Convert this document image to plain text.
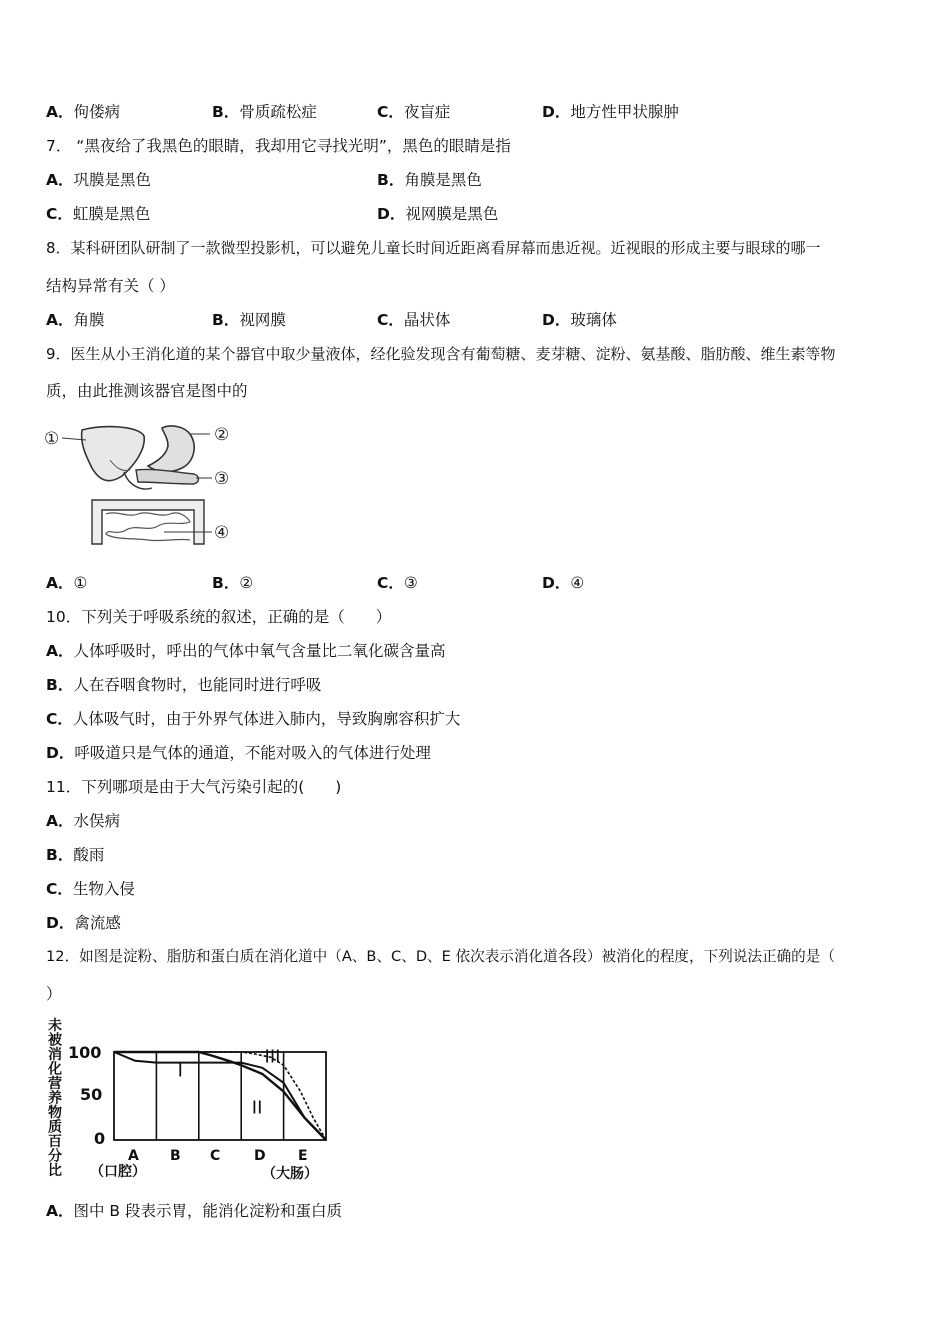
A．佝偻病	B．骨质疏松症	C．夜盲症	D．地方性甲状腺肿
7． “黑夜给了我黑色的眼睛，我却用它寻找光明”，黑色的眼睛是指
A．巩膜是黑色	B．角膜是黑色
C．虹膜是黑色	D．视网膜是黑色
8．某科研团队研制了一款微型投影机，可以避免儿童长时间近距离看屏幕而患近视。近视眼的形成主要与眼球的哪一
结构异常有关（ ）
A．角膜	B．视网膜	C．晶状体	D．玻璃体
9．医生从小王消化道的某个器官中取少量液体，经化验发现含有葡萄糖、麦芽糖、淀粉、氨基酸、脂肪酸、维生素等物
质，由此推测该器官是图中的
①	②
③
④
A．①	B．②	C．③	D．④
10．下列关于呼吸系统的叙述，正确的是（　　）
A．人体呼吸时，呼出的气体中氧气含量比二氧化碳含量高
B．人在吞咽食物时，也能同时进行呼吸
C．人体吸气时，由于外界气体进入肺内，导致胸廓容积扩大
D．呼吸道只是气体的通道，不能对吸入的气体进行处理
11．下列哪项是由于大气污染引起的(　　)
A．水俣病
B．酸雨
C．生物入侵
D．禽流感
12．如图是淀粉、脂肪和蛋白质在消化道中（A、B、C、D、E 依次表示消化道各段）被消化的程度，下列说法正确的是（
）
未被消化营养物质百分比
100
50
0
I
II
III
A B C D E
（口腔）	（大肠）
A．图中 B 段表示胃，能消化淀粉和蛋白质
